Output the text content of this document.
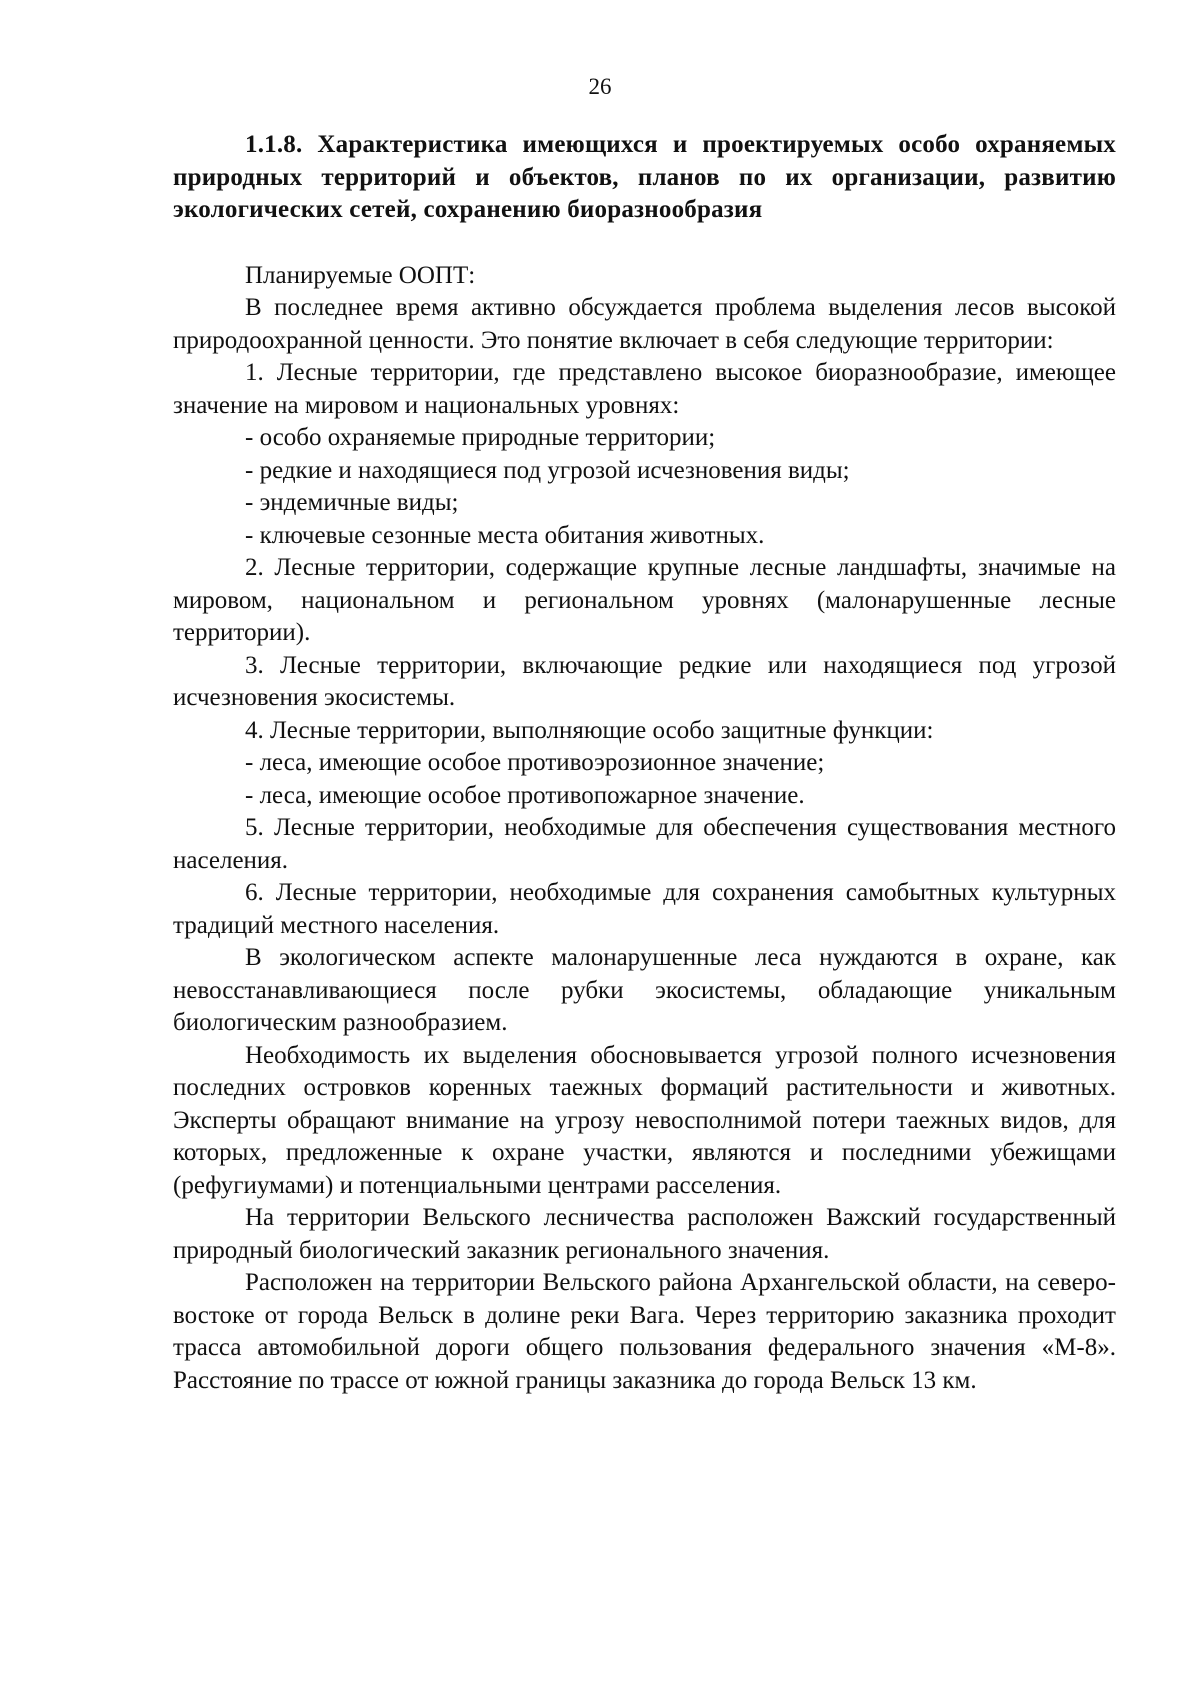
26
1.1.8. Характеристика имеющихся и проектируемых особо охраняемых природных территорий и объектов, планов по их организации, развитию экологических сетей, сохранению биоразнообразия

Планируемые ООПТ:

В последнее время активно обсуждается проблема выделения лесов высокой природоохранной ценности. Это понятие включает в себя следующие территории:

1. Лесные территории, где представлено высокое биоразнообразие, имеющее значение на мировом и национальных уровнях:

- особо охраняемые природные территории;

- редкие и находящиеся под угрозой исчезновения виды;

- эндемичные виды;

- ключевые сезонные места обитания животных.

2. Лесные территории, содержащие крупные лесные ландшафты, значимые на мировом, национальном и региональном уровнях (малонарушенные лесные территории).

3. Лесные территории, включающие редкие или находящиеся под угрозой исчезновения экосистемы.

4. Лесные территории, выполняющие особо защитные функции:

- леса, имеющие особое противоэрозионное значение;

- леса, имеющие особое противопожарное значение.

5. Лесные территории, необходимые для обеспечения существования местного населения.

6. Лесные территории, необходимые для сохранения самобытных культурных традиций местного населения.

В экологическом аспекте малонарушенные леса нуждаются в охране, как невосстанавливающиеся после рубки экосистемы, обладающие уникальным биологическим разнообразием.

Необходимость их выделения обосновывается угрозой полного исчезновения последних островков коренных таежных формаций растительности и животных. Эксперты обращают внимание на угрозу невосполнимой потери таежных видов, для которых, предложенные к охране участки, являются и последними убежищами (рефугиумами) и потенциальными центрами расселения.

На территории Вельского лесничества расположен Важский государственный природный биологический заказник регионального значения.

Расположен на территории Вельского района Архангельской области, на северо-востоке от города Вельск в долине реки Вага. Через территорию заказника проходит трасса автомобильной дороги общего пользования федерального значения «М-8». Расстояние по трассе от южной границы заказника до города Вельск 13 км.
